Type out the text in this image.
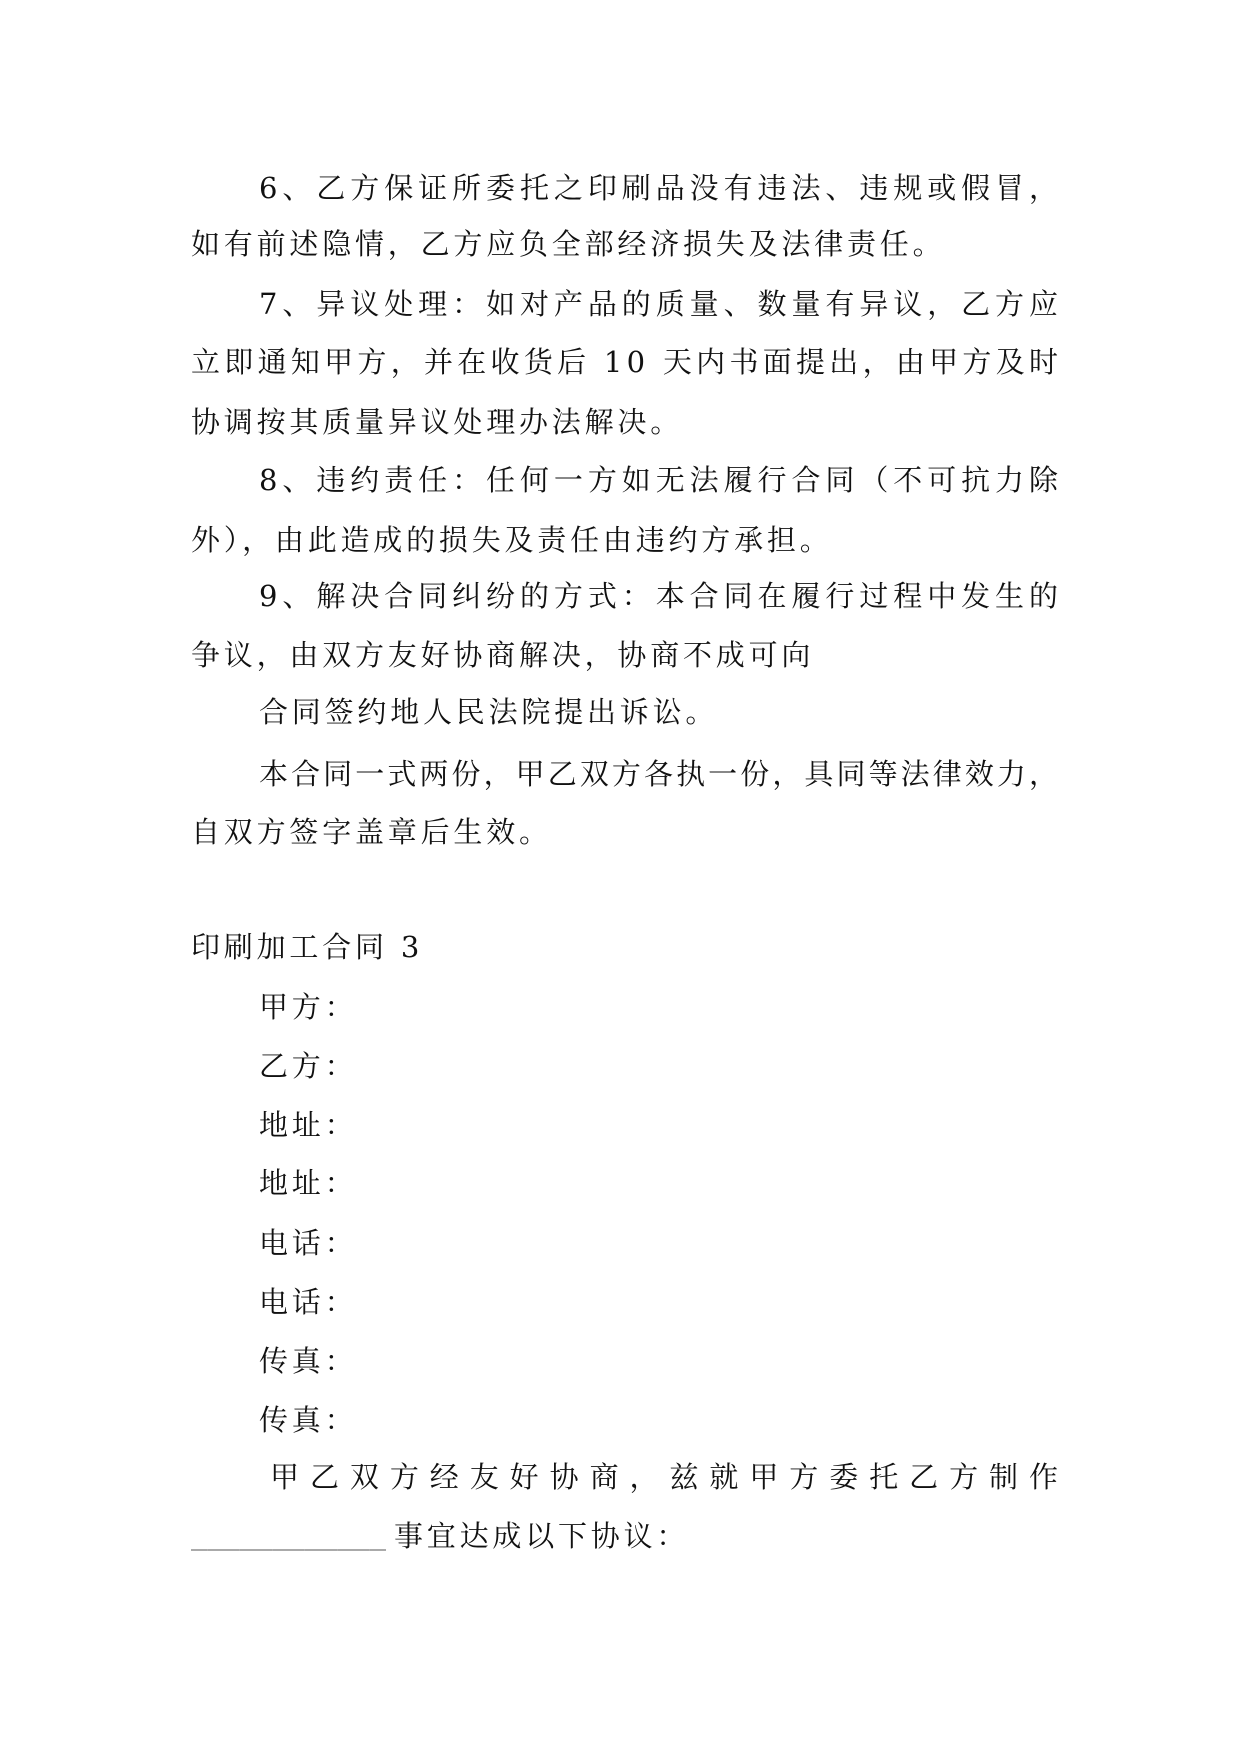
6、乙方保证所委托之印刷品没有违法、违规或假冒，
如有前述隐情，乙方应负全部经济损失及法律责任。
7、异议处理：如对产品的质量、数量有异议，乙方应
立即通知甲方，并在收货后 10 天内书面提出，由甲方及时
协调按其质量异议处理办法解决。
8、违约责任：任何一方如无法履行合同（不可抗力除
外），由此造成的损失及责任由违约方承担。
9、解决合同纠纷的方式：本合同在履行过程中发生的
争议，由双方友好协商解决，协商不成可向
合同签约地人民法院提出诉讼。
本合同一式两份，甲乙双方各执一份，具同等法律效力，
自双方签字盖章后生效。
印刷加工合同 3
甲方：
乙方：
地址：
地址：
电话：
电话：
传真：
传真：
甲乙双方经友好协商，兹就甲方委托乙方制作
____________ 事宜达成以下协议：
